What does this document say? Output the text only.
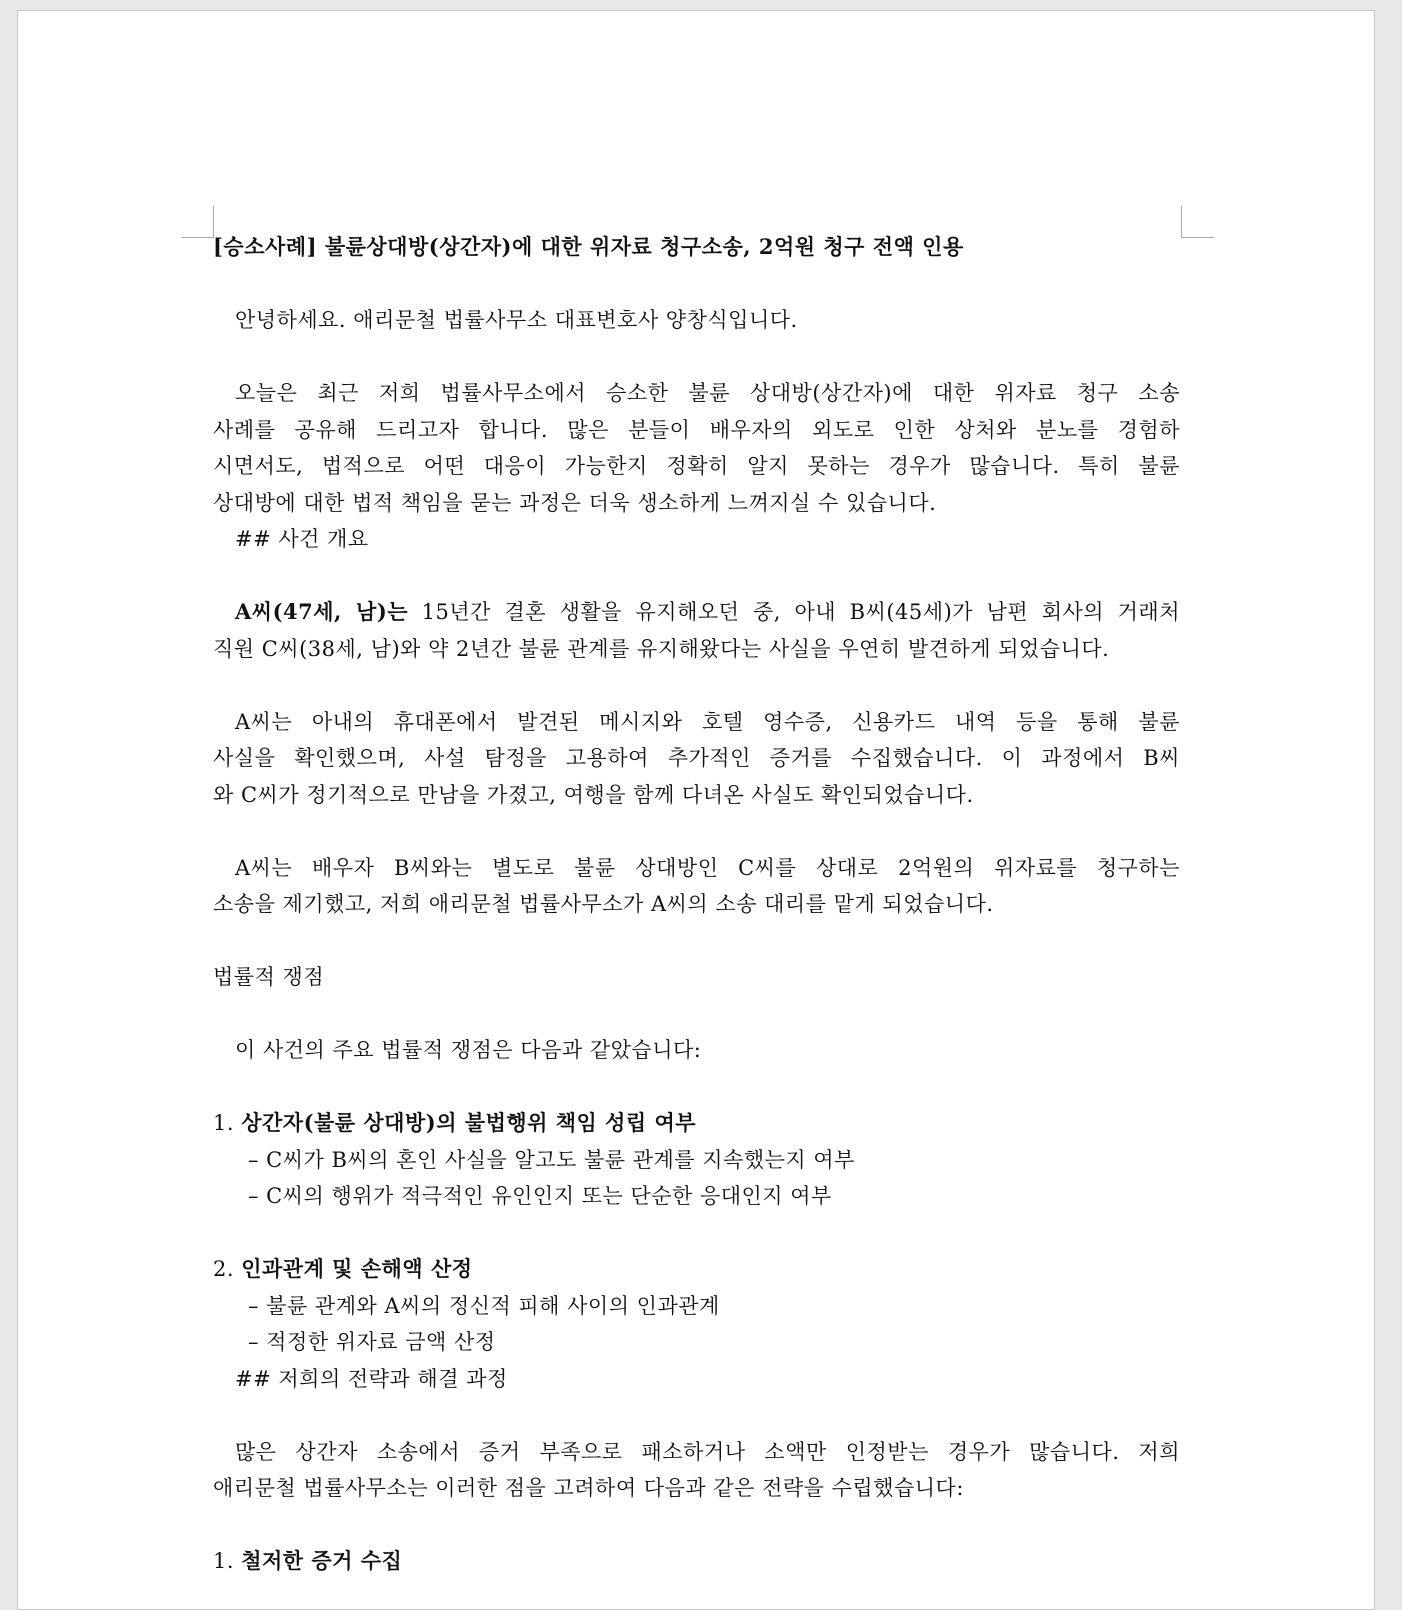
[승소사례] 불륜상대방(상간자)에 대한 위자료 청구소송, 2억원 청구 전액 인용
안녕하세요. 애리문철 법률사무소 대표변호사 양창식입니다.
오늘은 최근 저희 법률사무소에서 승소한 불륜 상대방(상간자)에 대한 위자료 청구 소송
사례를 공유해 드리고자 합니다. 많은 분들이 배우자의 외도로 인한 상처와 분노를 경험하
시면서도, 법적으로 어떤 대응이 가능한지 정확히 알지 못하는 경우가 많습니다. 특히 불륜
상대방에 대한 법적 책임을 묻는 과정은 더욱 생소하게 느껴지실 수 있습니다.
## 사건 개요
A씨(47세, 남)는 15년간 결혼 생활을 유지해오던 중, 아내 B씨(45세)가 남편 회사의 거래처
직원 C씨(38세, 남)와 약 2년간 불륜 관계를 유지해왔다는 사실을 우연히 발견하게 되었습니다.
A씨는 아내의 휴대폰에서 발견된 메시지와 호텔 영수증, 신용카드 내역 등을 통해 불륜
사실을 확인했으며, 사설 탐정을 고용하여 추가적인 증거를 수집했습니다. 이 과정에서 B씨
와 C씨가 정기적으로 만남을 가졌고, 여행을 함께 다녀온 사실도 확인되었습니다.
A씨는 배우자 B씨와는 별도로 불륜 상대방인 C씨를 상대로 2억원의 위자료를 청구하는
소송을 제기했고, 저희 애리문철 법률사무소가 A씨의 소송 대리를 맡게 되었습니다.
법률적 쟁점
이 사건의 주요 법률적 쟁점은 다음과 같았습니다:
1. 상간자(불륜 상대방)의 불법행위 책임 성립 여부
– C씨가 B씨의 혼인 사실을 알고도 불륜 관계를 지속했는지 여부
– C씨의 행위가 적극적인 유인인지 또는 단순한 응대인지 여부
2. 인과관계 및 손해액 산정
– 불륜 관계와 A씨의 정신적 피해 사이의 인과관계
– 적정한 위자료 금액 산정
## 저희의 전략과 해결 과정
많은 상간자 소송에서 증거 부족으로 패소하거나 소액만 인정받는 경우가 많습니다. 저희
애리문철 법률사무소는 이러한 점을 고려하여 다음과 같은 전략을 수립했습니다:
1. 철저한 증거 수집
